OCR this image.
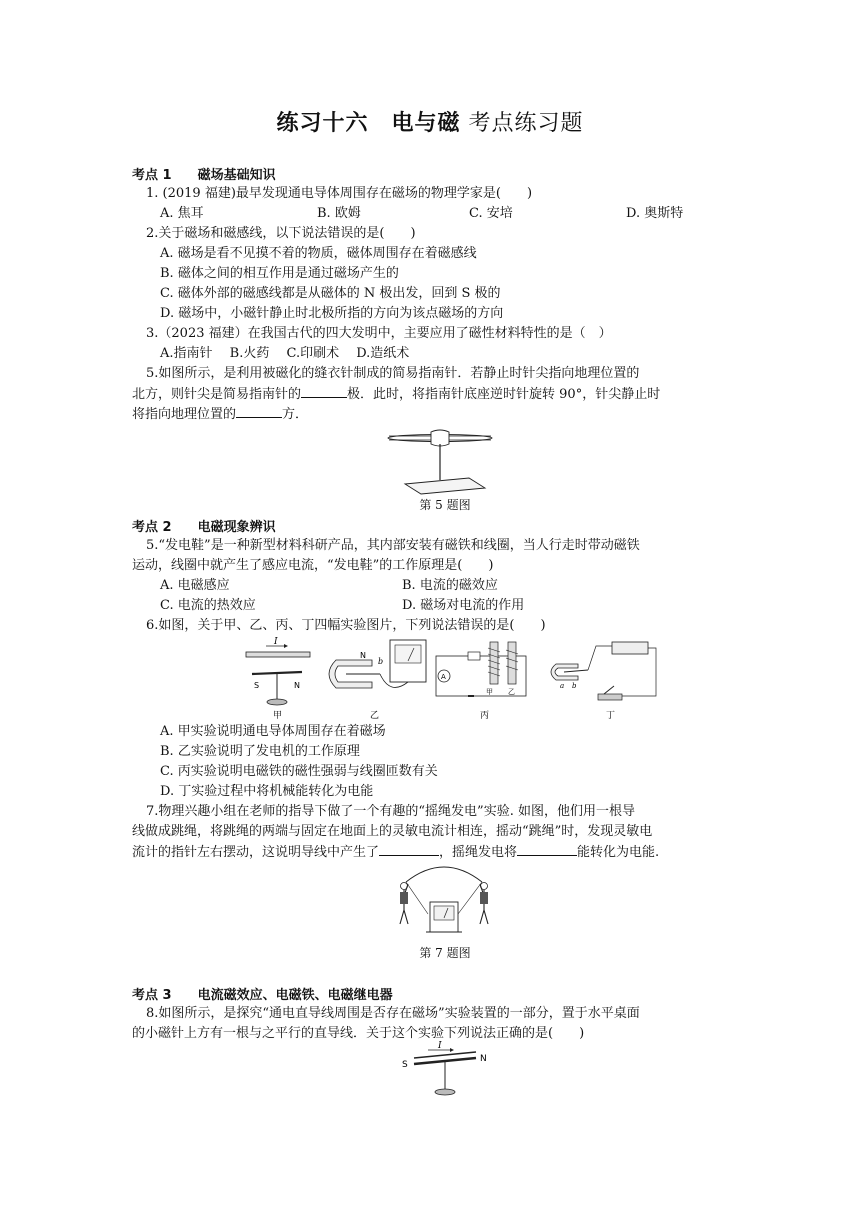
练习十六　电与磁 考点练习题
考点 1 磁场基础知识
1. (2019 福建)最早发现通电导体周围存在磁场的物理学家是(　　)
A. 焦耳	B. 欧姆	C. 安培	D. 奥斯特
2.关于磁场和磁感线，以下说法错误的是(　　)
A. 磁场是看不见摸不着的物质，磁体周围存在着磁感线
B. 磁体之间的相互作用是通过磁场产生的
C. 磁体外部的磁感线都是从磁体的 N 极出发，回到 S 极的
D. 磁场中，小磁针静止时北极所指的方向为该点磁场的方向
3.（2023 福建）在我国古代的四大发明中，主要应用了磁性材料特性的是（　）
A.指南针　 B.火药　 C.印刷术　 D.造纸术
5.如图所示，是利用被磁化的缝衣针制成的简易指南针．若静止时针尖指向地理位置的
北方，则针尖是简易指南针的	极．此时，将指南针底座逆时针旋转 90°，针尖静止时
将指向地理位置的	方．
第 5 题图
考点 2 电磁现象辨识
5.“发电鞋”是一种新型材料科研产品，其内部安装有磁铁和线圈，当人行走时带动磁铁
运动，线圈中就产生了感应电流，“发电鞋”的工作原理是(　　)
A. 电磁感应	B. 电流的磁效应
C. 电流的热效应	D. 磁场对电流的作用
6.如图，关于甲、乙、丙、丁四幅实验图片，下列说法错误的是(　　)
I
S	N
N
b
A
甲 乙
a b
甲	乙	丙	丁
A. 甲实验说明通电导体周围存在着磁场
B. 乙实验说明了发电机的工作原理
C. 丙实验说明电磁铁的磁性强弱与线圈匝数有关
D. 丁实验过程中将机械能转化为电能
7.物理兴趣小组在老师的指导下做了一个有趣的“摇绳发电”实验. 如图，他们用一根导
线做成跳绳，将跳绳的两端与固定在地面上的灵敏电流计相连，摇动“跳绳”时，发现灵敏电
流计的指针左右摆动，这说明导线中产生了	，摇绳发电将	能转化为电能.
第 7 题图
考点 3 电流磁效应、电磁铁、电磁继电器
8.如图所示，是探究“通电直导线周围是否存在磁场”实验装置的一部分，置于水平桌面
的小磁针上方有一根与之平行的直导线．关于这个实验下列说法正确的是(　　)
I
S
N
